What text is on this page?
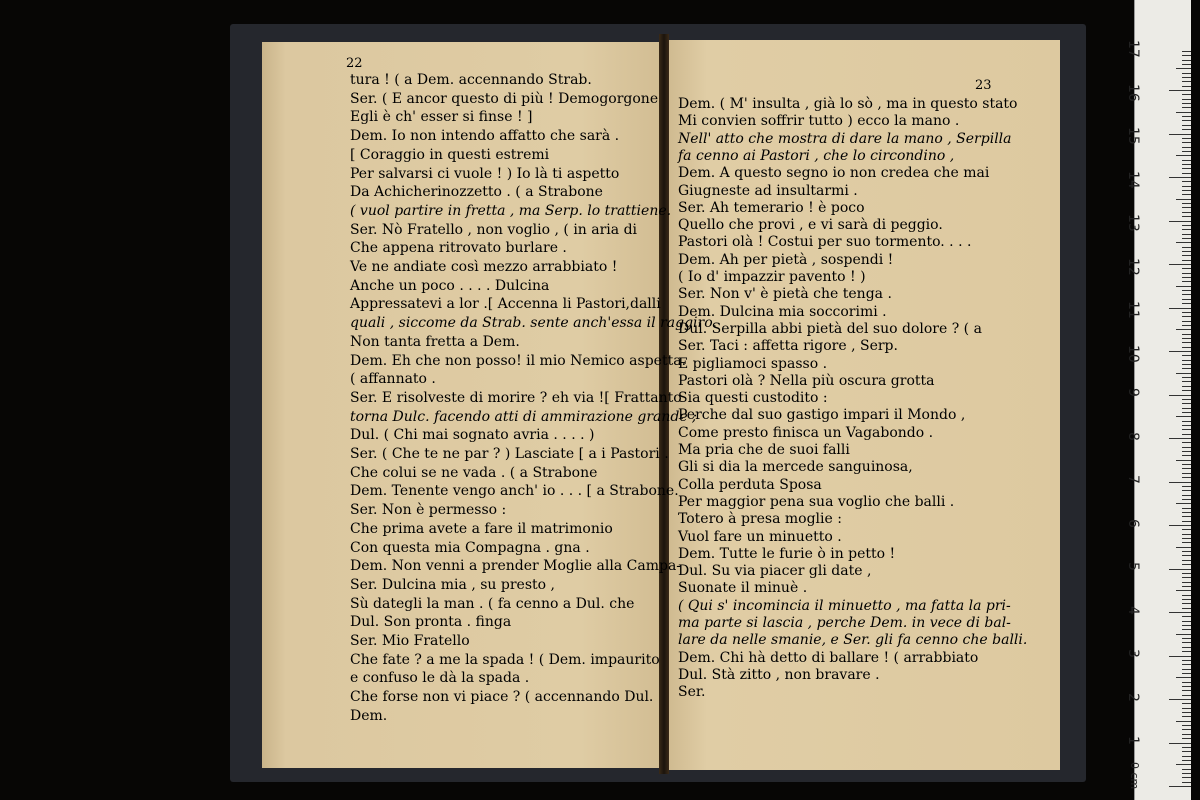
tura ! ( a Dem. accennando Strab.
Ser. ( E ancor questo di più ! Demogorgone
Egli è ch' esser si finse ! ]
Dem. Io non intendo affatto che sarà .
[ Coraggio in questi estremi
Per salvarsi ci vuole ! ) Io là ti aspetto
Da Achicherinozzetto . ( a Strabone
( vuol partire in fretta , ma Serp. lo trattiene.
Ser. Nò Fratello , non voglio , ( in aria di
Che appena ritrovato burlare .
Ve ne andiate così mezzo arrabbiato !
Anche un poco . . . . Dulcina
Appressatevi a lor .[ Accenna li Pastori,dalli
quali , siccome da Strab. sente anch'essa il raggiro.
Non tanta fretta a Dem.
Dem. Eh che non posso! il mio Nemico aspetta.
( affannato .
Ser. E risolveste di morire ? eh via ![ Frattanto
torna Dulc. facendo atti di ammirazione grande ;
Dul. ( Chi mai sognato avria . . . . )
Ser. ( Che te ne par ? ) Lasciate [ a i Pastori .
Che colui se ne vada . ( a Strabone
Dem. Tenente vengo anch' io . . . [ a Strabone.
Ser. Non è permesso :
Che prima avete a fare il matrimonio
Con questa mia Compagna . gna .
Dem. Non venni a prender Moglie alla Campa-
Ser. Dulcina mia , su presto ,
Sù dategli la man . ( fa cenno a Dul. che
Dul. Son pronta . finga
Ser. Mio Fratello
Che fate ? a me la spada ! ( Dem. impaurito
e confuso le dà la spada .
Che forse non vi piace ? ( accennando Dul.
Dem.
Dem. ( M' insulta , già lo sò , ma in questo stato
Mi convien soffrir tutto ) ecco la mano .
Nell' atto che mostra di dare la mano , Serpilla
fa cenno ai Pastori , che lo circondino ,
Dem. A questo segno io non credea che mai
Giugneste ad insultarmi .
Ser. Ah temerario ! è poco
Quello che provi , e vi sarà di peggio.
Pastori olà ! Costui per suo tormento. . . .
Dem. Ah per pietà , sospendi !
( Io d' impazzir pavento ! )
Ser. Non v' è pietà che tenga .
Dem. Dulcina mia soccorimi .
Dul. Serpilla abbi pietà del suo dolore ? ( a
Ser. Taci : affetta rigore , Serp.
E pigliamoci spasso .
Pastori olà ? Nella più oscura grotta
Sia questi custodito :
Perche dal suo gastigo impari il Mondo ,
Come presto finisca un Vagabondo .
Ma pria che de suoi falli
Gli si dia la mercede sanguinosa,
Colla perduta Sposa
Per maggior pena sua voglio che balli .
Totero à presa moglie :
Vuol fare un minuetto .
Dem. Tutte le furie ò in petto !
Dul. Su via piacer gli date ,
Suonate il minuè .
( Qui s' incomincia il minuetto , ma fatta la pri-
ma parte si lascia , perche Dem. in vece di bal-
lare da nelle smanie, e Ser. gli fa cenno che balli.
Dem. Chi hà detto di ballare ! ( arrabbiato
Dul. Stà zitto , non bravare .
Ser.
22
23
0 cm
1
2
3
4
5
6
7
8
9
10
11
12
13
14
15
16
17
